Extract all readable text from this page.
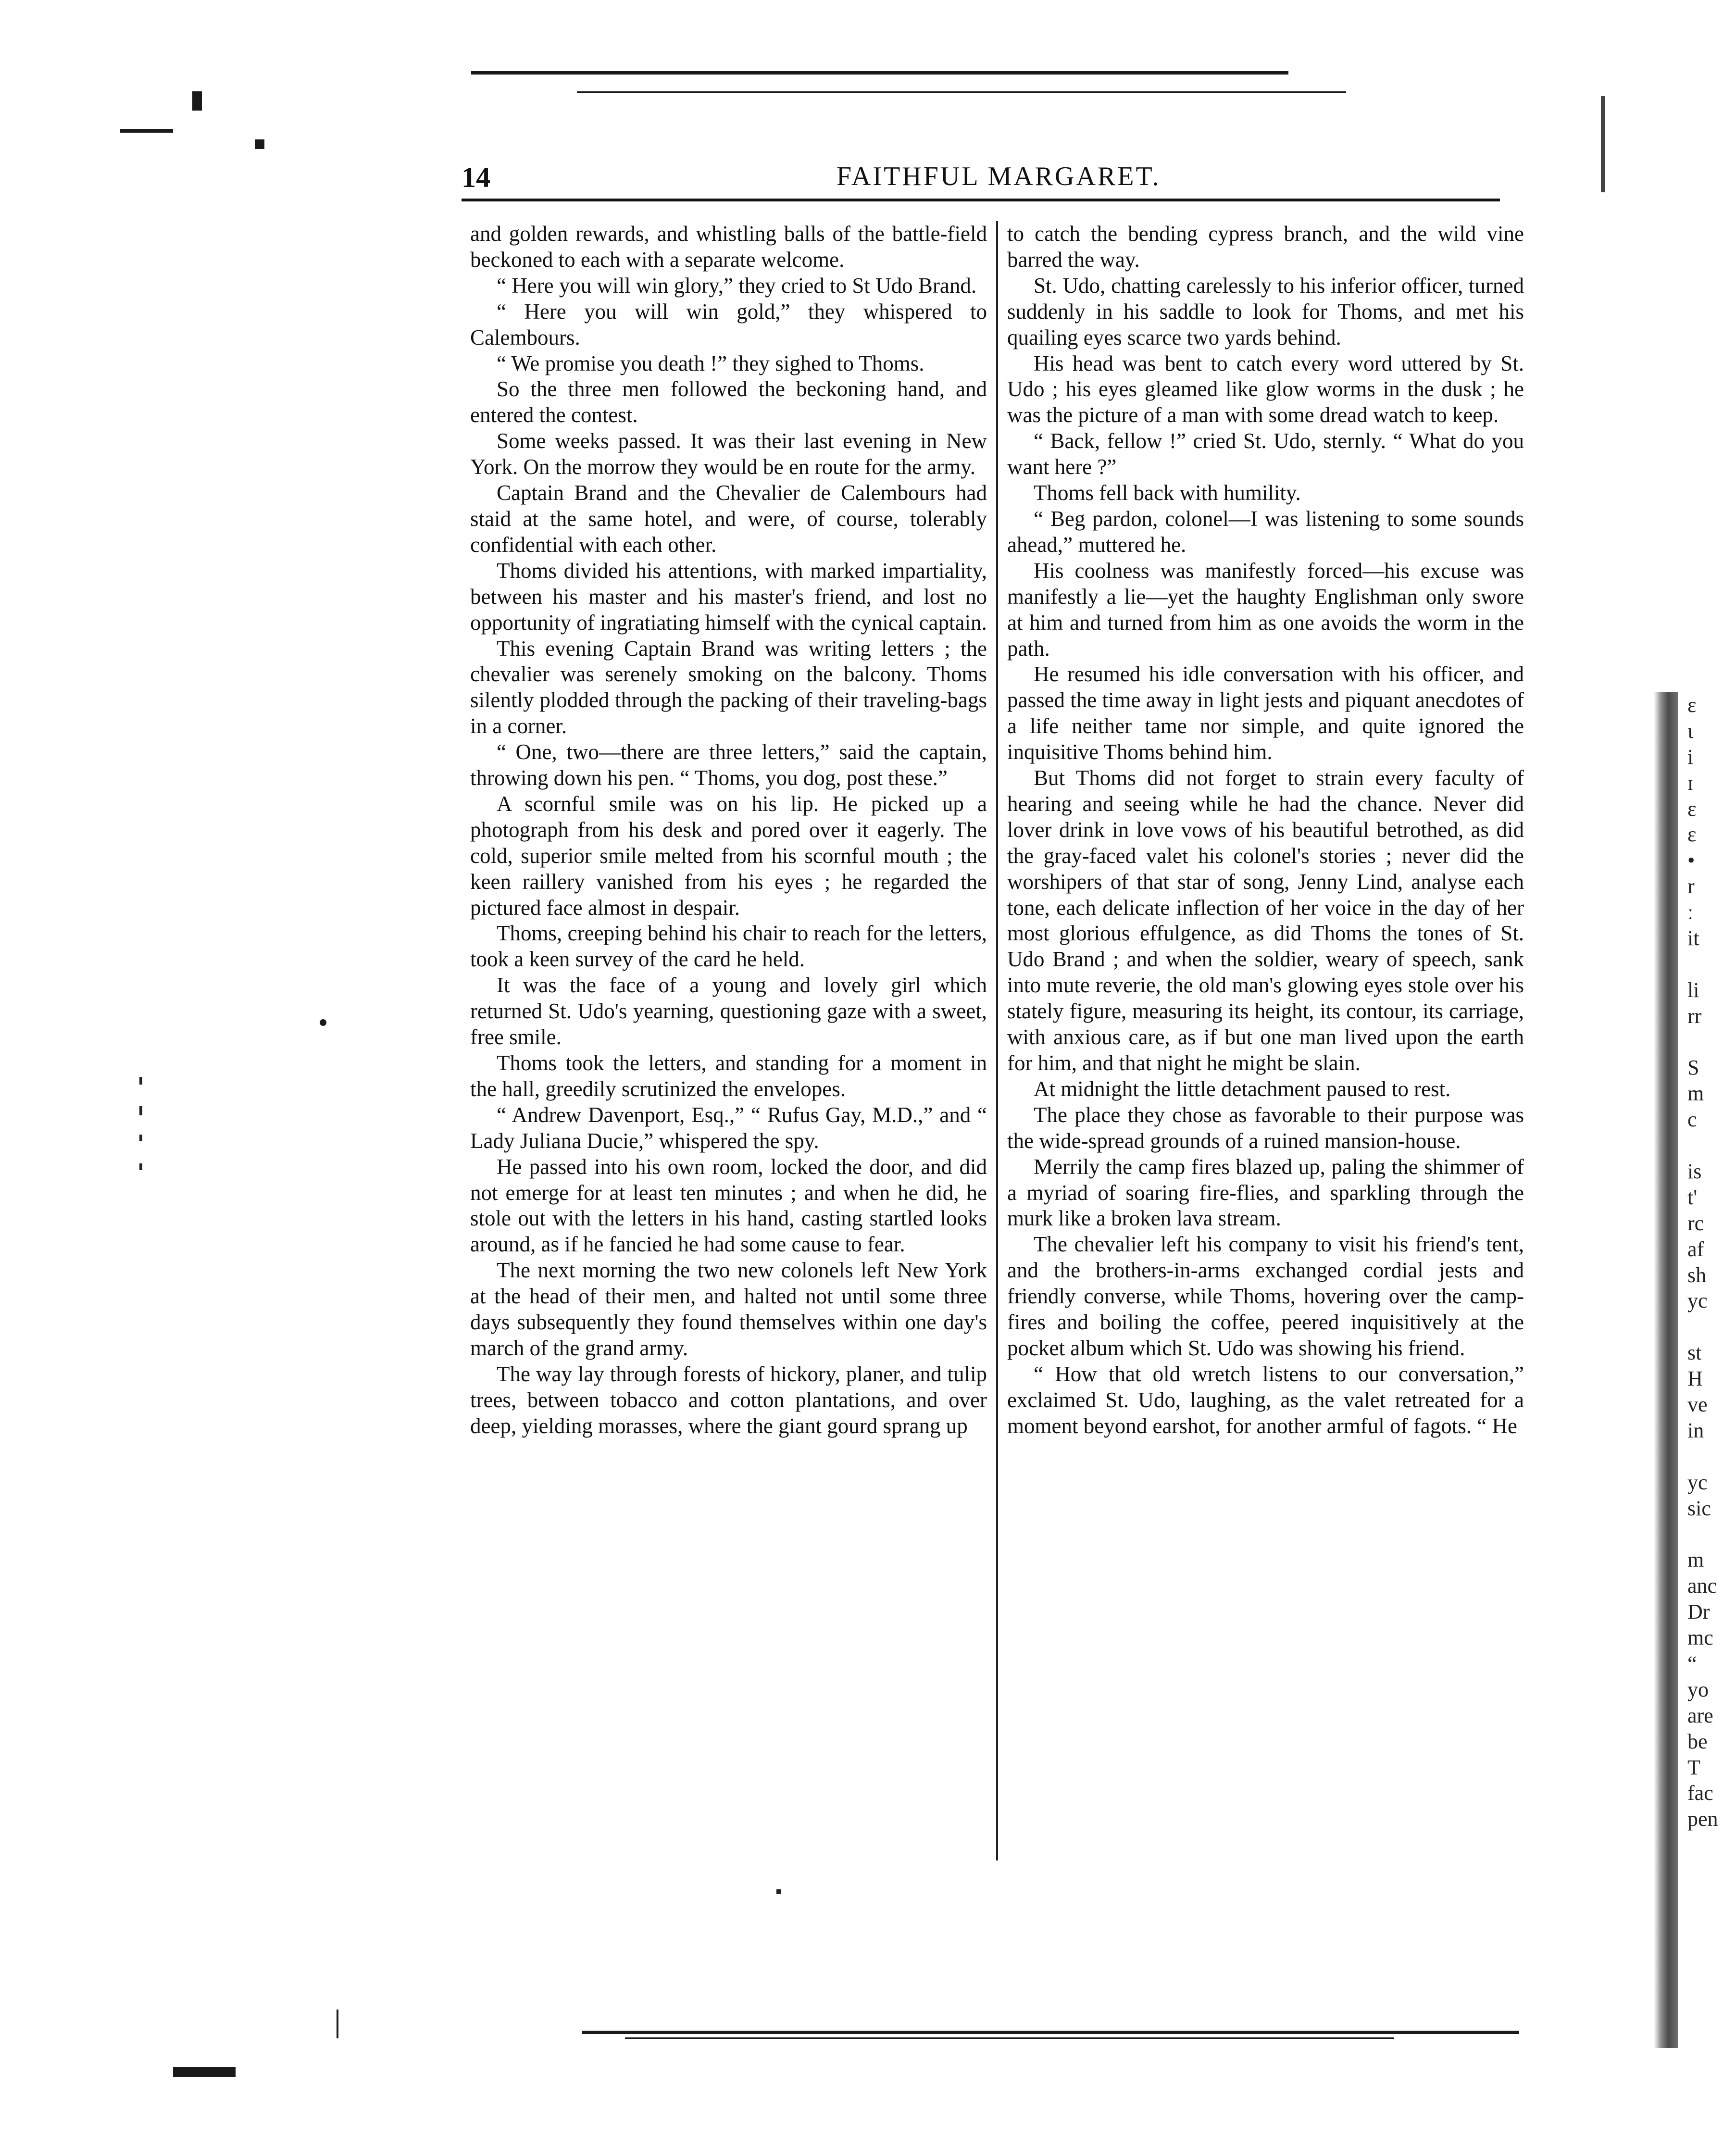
14	FAITHFUL MARGARET.

and golden rewards, and whistling balls of the battle-field beckoned to each with a separate welcome.

“ Here you will win glory,” they cried to St Udo Brand.

“ Here you will win gold,” they whispered to Calembours.

“ We promise you death !” they sighed to Thoms.

So the three men followed the beckoning hand, and entered the contest.

Some weeks passed. It was their last evening in New York. On the morrow they would be en route for the army.

Captain Brand and the Chevalier de Calembours had staid at the same hotel, and were, of course, tolerably confidential with each other.

Thoms divided his attentions, with marked impartiality, between his master and his master's friend, and lost no opportunity of ingratiating himself with the cynical captain.

This evening Captain Brand was writing letters ; the chevalier was serenely smoking on the balcony. Thoms silently plodded through the packing of their traveling-bags in a corner.

“ One, two—there are three letters,” said the captain, throwing down his pen. “ Thoms, you dog, post these.”

A scornful smile was on his lip. He picked up a photograph from his desk and pored over it eagerly. The cold, superior smile melted from his scornful mouth ; the keen raillery vanished from his eyes ; he regarded the pictured face almost in despair.

Thoms, creeping behind his chair to reach for the letters, took a keen survey of the card he held.

It was the face of a young and lovely girl which returned St. Udo's yearning, questioning gaze with a sweet, free smile.

Thoms took the letters, and standing for a moment in the hall, greedily scrutinized the envelopes.

“ Andrew Davenport, Esq.,” “ Rufus Gay, M.D.,” and “ Lady Juliana Ducie,” whispered the spy.

He passed into his own room, locked the door, and did not emerge for at least ten minutes ; and when he did, he stole out with the letters in his hand, casting startled looks around, as if he fancied he had some cause to fear.

The next morning the two new colonels left New York at the head of their men, and halted not until some three days subsequently they found themselves within one day's march of the grand army.

The way lay through forests of hickory, planer, and tulip trees, between tobacco and cotton plantations, and over deep, yielding morasses, where the giant gourd sprang up

to catch the bending cypress branch, and the wild vine barred the way.

St. Udo, chatting carelessly to his inferior officer, turned suddenly in his saddle to look for Thoms, and met his quailing eyes scarce two yards behind.

His head was bent to catch every word uttered by St. Udo ; his eyes gleamed like glow worms in the dusk ; he was the picture of a man with some dread watch to keep.

“ Back, fellow !” cried St. Udo, sternly. “ What do you want here ?”

Thoms fell back with humility.

“ Beg pardon, colonel—I was listening to some sounds ahead,” muttered he.

His coolness was manifestly forced—his excuse was manifestly a lie—yet the haughty Englishman only swore at him and turned from him as one avoids the worm in the path.

He resumed his idle conversation with his officer, and passed the time away in light jests and piquant anecdotes of a life neither tame nor simple, and quite ignored the inquisitive Thoms behind him.

But Thoms did not forget to strain every faculty of hearing and seeing while he had the chance. Never did lover drink in love vows of his beautiful betrothed, as did the gray-faced valet his colonel's stories ; never did the worshipers of that star of song, Jenny Lind, analyse each tone, each delicate inflection of her voice in the day of her most glorious effulgence, as did Thoms the tones of St. Udo Brand ; and when the soldier, weary of speech, sank into mute reverie, the old man's glowing eyes stole over his stately figure, measuring its height, its contour, its carriage, with anxious care, as if but one man lived upon the earth for him, and that night he might be slain.

At midnight the little detachment paused to rest.

The place they chose as favorable to their purpose was the wide-spread grounds of a ruined mansion-house.

Merrily the camp fires blazed up, paling the shimmer of a myriad of soaring fire-flies, and sparkling through the murk like a broken lava stream.

The chevalier left his company to visit his friend's tent, and the brothers-in-arms exchanged cordial jests and friendly converse, while Thoms, hovering over the camp-fires and boiling the coffee, peered inquisitively at the pocket album which St. Udo was showing his friend.

“ How that old wretch listens to our conversation,” exclaimed St. Udo, laughing, as the valet retreated for a moment beyond earshot, for another armful of fagots. “ He

ε
ι
i
ɪ
ε
ε
•
r
ː
it
li
rr
S
m
c
is
t'
rc
af
sh
yc
st
H
ve
in
yc
sic
m
anc
Dr
mc
“
yo
are
be
T
fac
pen
